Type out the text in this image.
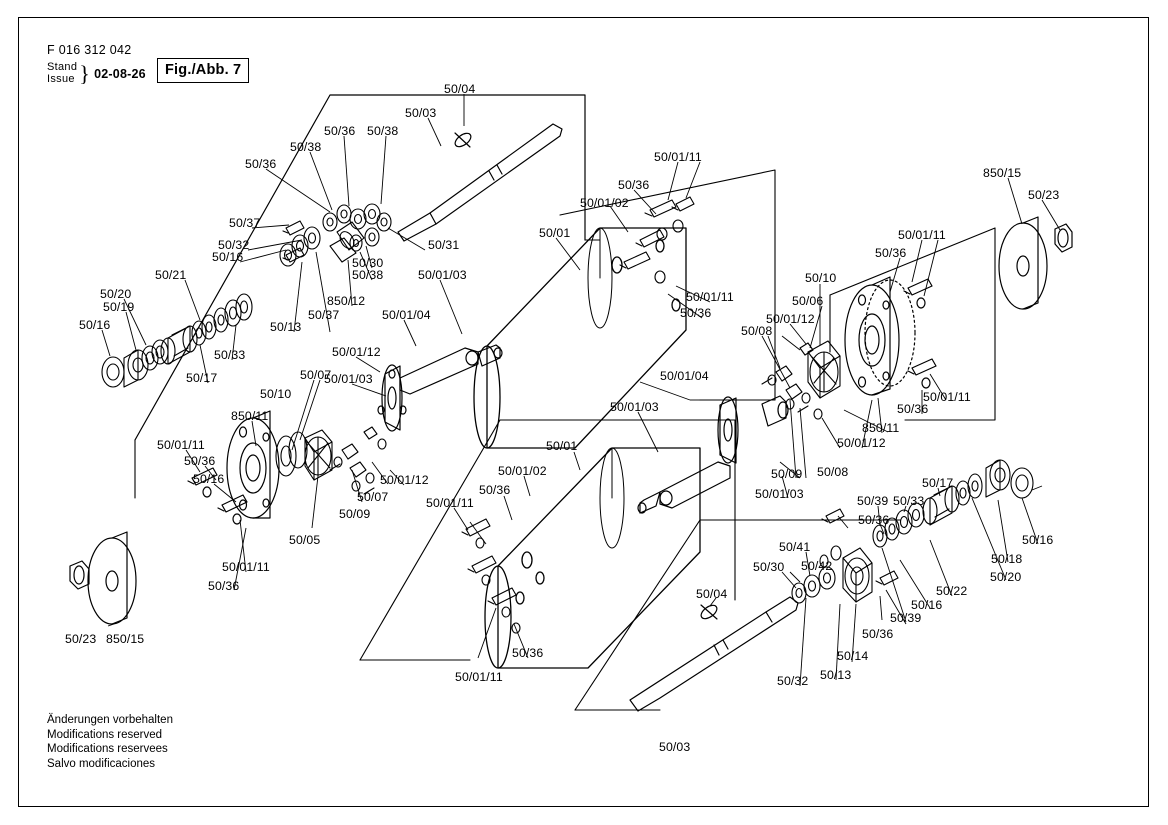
F 016 312 042
Stand
Issue } 02-08-26	Fig./Abb. 7
50/04
50/03
50/36 50/38
50/38
50/36	50/01/11
850/15
50/23
50/36
50/01/02
50/37
50/01	50/01/11
50/32	50/31
50/16	50/36
50/30
50/38
50/21	50/01/03	50/10
50/20	50/01/11
50/19	50/06
850/12
50/36
50/13
50/37	50/01/04
50/16	50/08
50/01/12
50/33	50/01/12
50/01/03
50/17	50/07
50/10
50/01/04
50/01/11
50/36
50/01/03
850/11
850/11
50/01/12
50/01/11	50/01
50/36
50/09 50/08
50/16
50/01/02
50/01/12	50/17
50/01/03
50/36
50/07	50/01/11	50/39 50/33
50/36
50/09
50/05	50/16
50/41
50/42	50/18
50/01/11	50/30
50/20
50/36	50/22
50/16
50/39
50/04
50/36
50/23 850/15
50/36	50/14
50/13
50/32
50/01/11
50/03
Änderungen vorbehalten
Modifications reserved
Modifications reservees
Salvo modificaciones
